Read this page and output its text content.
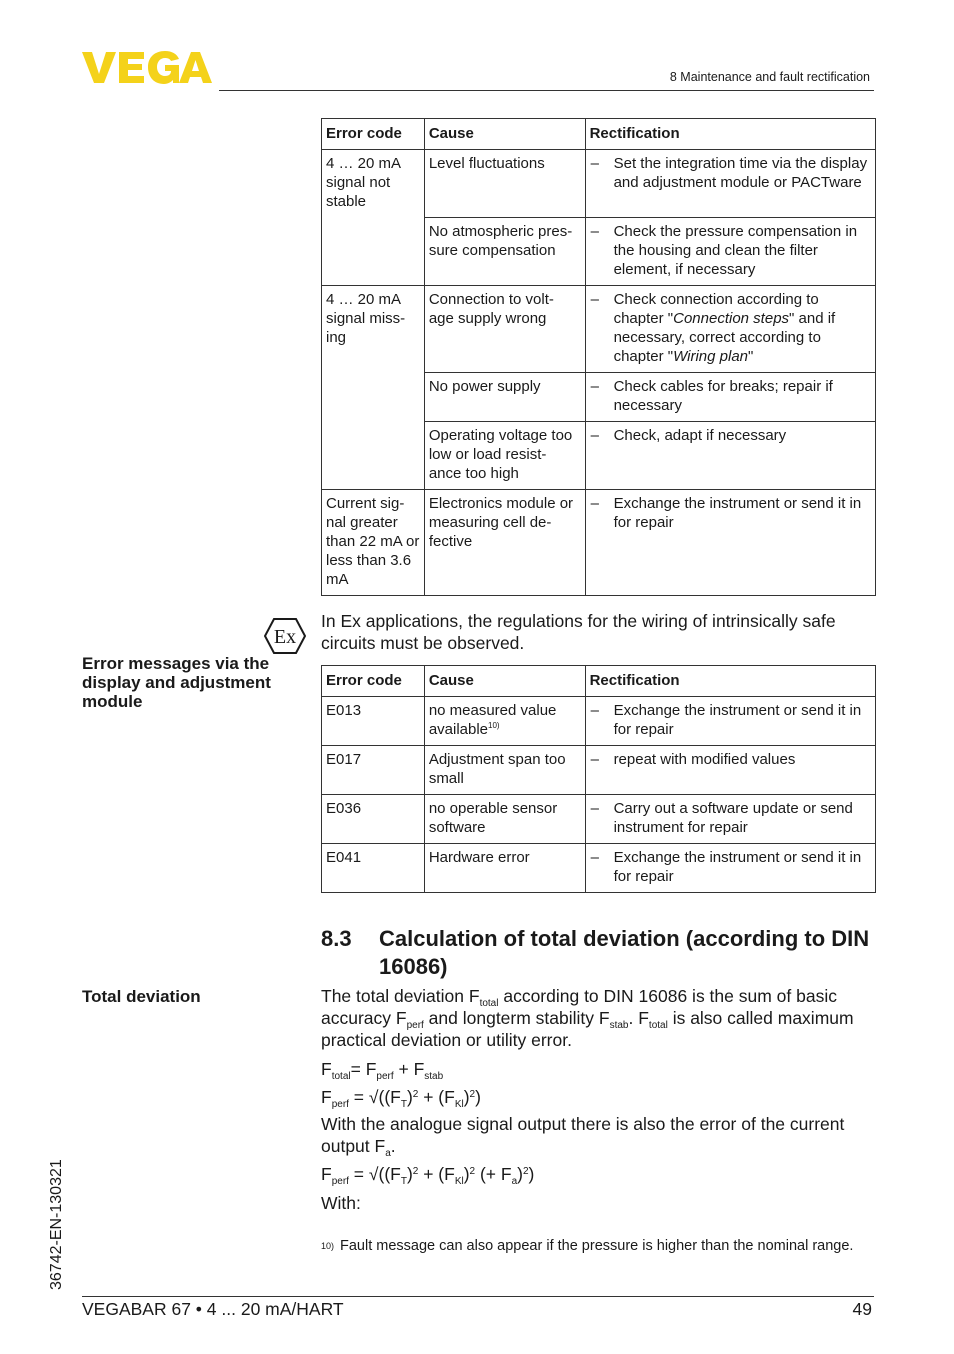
8 Maintenance and fault rectification
Error code	Cause	Rectification
4 … 20 mA signal not stable	Level fluctuations	– Set the integration time via the display and adjustment module or PACTware

	No atmospheric pres- sure compensation	– Check the pressure compensation in the housing and clean the filter element, if necessary

4 … 20 mA signal miss- ing	Connection to volt- age supply wrong	– Check connection according to chapter "Connection steps" and if necessary, correct according to chapter "Wiring plan"

	No power supply	– Check cables for breaks; repair if necessary

	Operating voltage too low or load resist- ance too high	– Check, adapt if necessary

Current sig- nal greater than 22 mA or less than 3.6 mA	Electronics module or measuring cell de- fective	– Exchange the instrument or send it in for repair
Ex
In Ex applications, the regulations for the wiring of intrinsically safe circuits must be observed.
Error messages via the display and adjustment module
Error code	Cause	Rectification
E013	no measured value available$^{10)}$	– Exchange the instrument or send it in for repair

E017	Adjustment span too small	– repeat with modified values

E036	no operable sensor software	– Carry out a software update or send instrument for repair

E041	Hardware error	– Exchange the instrument or send it in for repair
8.3 Calculation of total deviation (according to DIN 16086)
Total deviation	The total deviation $F_{total}$ according to DIN 16086 is the sum of basic accuracy $F_{perf}$ and longterm stability $F_{stab}$. $F_{total}$ is also called maximum practical deviation or utility error.
$F_{total}= F_{perf} + F_{stab}$
$F_{perf} = √((F_T)^2 + (F_{Kl})^2)$
With the analogue signal output there is also the error of the current output $F_a$.
$F_{perf} = √((F_T)^2 + (F_{Kl})^2$ (+ $F_a)^2$)
With:
10) Fault message can also appear if the pressure is higher than the nominal range.
36742-EN-130321
VEGABAR 67 • 4 ... 20 mA/HART	49
